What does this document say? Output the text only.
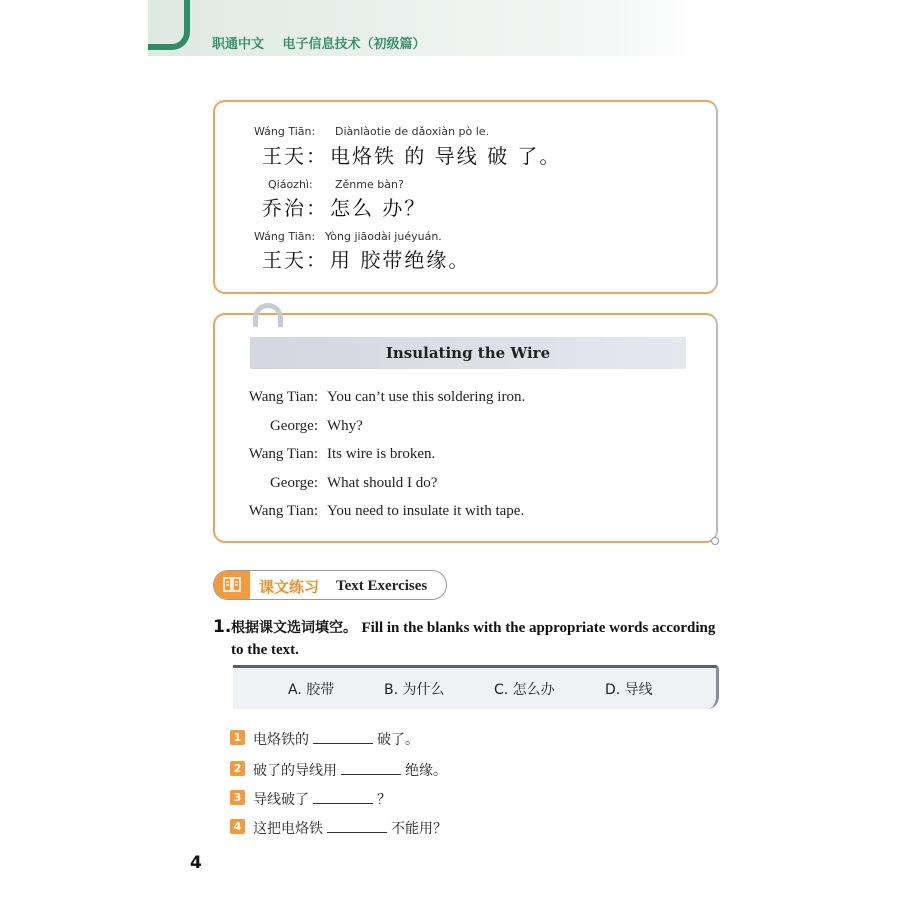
职通中文 电子信息技术（初级篇）
Wáng Tiān: Diànlàotie de dǎoxiàn pò le.
王天： 电烙铁 的 导线 破 了。
Qiáozhì: Zěnme bàn?
乔治： 怎么 办？
Wáng Tiān: Yòng jiāodài juéyuán.
王天： 用 胶带绝缘。
Insulating the Wire
Wang Tian: You can’t use this soldering iron.
George: Why?
Wang Tian: Its wire is broken.
George: What should I do?
Wang Tian: You need to insulate it with tape.
课文练习 Text Exercises
1. 根据课文选词填空。 Fill in the blanks with the appropriate words according
to the text.
A. 胶带	B. 为什么	C. 怎么办	D. 导线
1 电烙铁的	破了。
2 破了的导线用	绝缘。
3 导线破了	？
4 这把电烙铁	不能用？
4
